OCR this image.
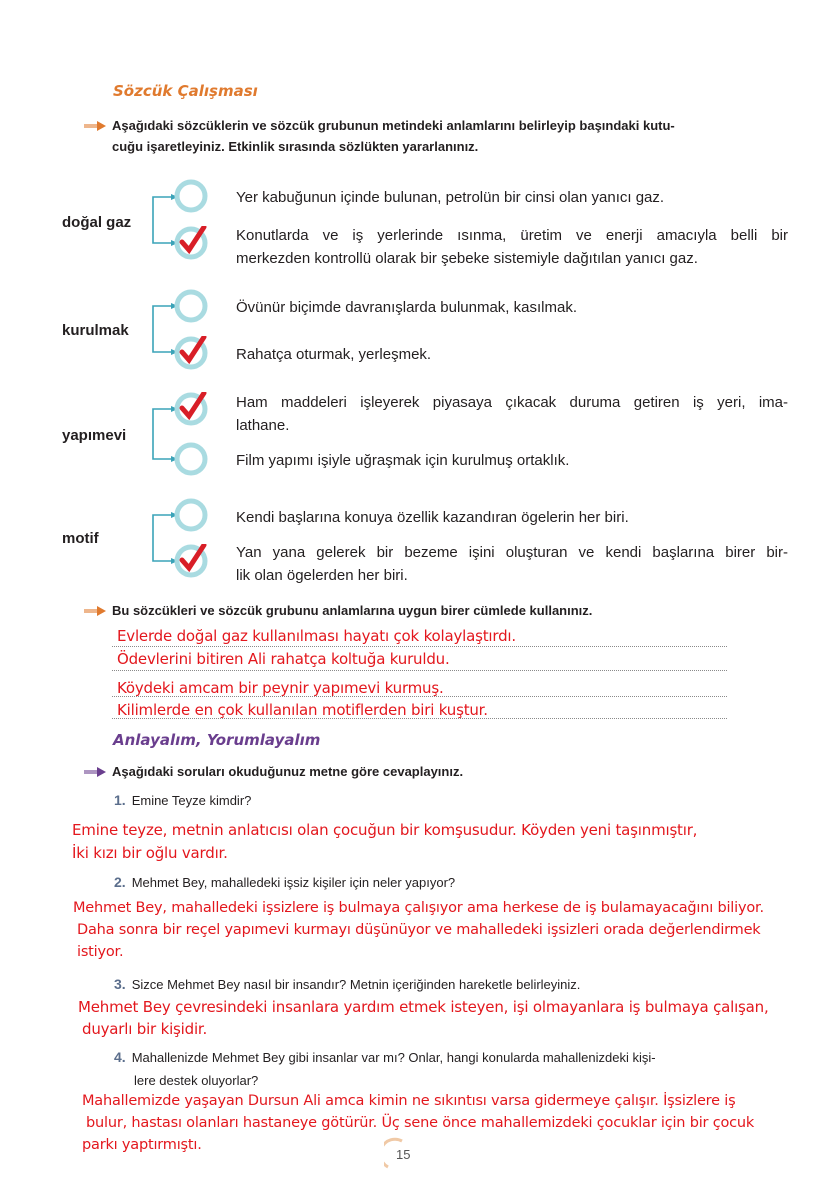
Sözcük Çalışması
Aşağıdaki sözcüklerin ve sözcük grubunun metindeki anlamlarını belirleyip başındaki kutu-
cuğu işaretleyiniz. Etkinlik sırasında sözlükten yararlanınız.
doğal gaz
Yer kabuğunun içinde bulunan, petrolün bir cinsi olan yanıcı gaz.
Konutlarda ve iş yerlerinde ısınma, üretim ve enerji amacıyla belli bir
merkezden kontrollü olarak bir şebeke sistemiyle dağıtılan yanıcı gaz.
kurulmak
Övünür biçimde davranışlarda bulunmak, kasılmak.
Rahatça oturmak, yerleşmek.
yapımevi
Ham maddeleri işleyerek piyasaya çıkacak duruma getiren iş yeri, ima-
lathane.
Film yapımı işiyle uğraşmak için kurulmuş ortaklık.
motif
Kendi başlarına konuya özellik kazandıran ögelerin her biri.
Yan yana gelerek bir bezeme işini oluşturan ve kendi başlarına birer bir-
lik olan ögelerden her biri.
Bu sözcükleri ve sözcük grubunu anlamlarına uygun birer cümlede kullanınız.
Evlerde doğal gaz kullanılması hayatı çok kolaylaştırdı.
Ödevlerini bitiren Ali rahatça koltuğa kuruldu.
Köydeki amcam bir peynir yapımevi kurmuş.
Kilimlerde en çok kullanılan motiflerden biri kuştur.
Anlayalım, Yorumlayalım
Aşağıdaki soruları okuduğunuz metne göre cevaplayınız.
1. Emine Teyze kimdir?
Emine teyze, metnin anlatıcısı olan çocuğun bir komşusudur. Köyden yeni taşınmıştır,
İki kızı bir oğlu vardır.
2. Mehmet Bey, mahalledeki işsiz kişiler için neler yapıyor?
Mehmet Bey, mahalledeki işsizlere iş bulmaya çalışıyor ama herkese de iş bulamayacağını biliyor.
Daha sonra bir reçel yapımevi kurmayı düşünüyor ve mahalledeki işsizleri orada değerlendirmek
istiyor.
3. Sizce Mehmet Bey nasıl bir insandır? Metnin içeriğinden hareketle belirleyiniz.
Mehmet Bey çevresindeki insanlara yardım etmek isteyen, işi olmayanlara iş bulmaya çalışan,
duyarlı bir kişidir.
4. Mahallenizde Mehmet Bey gibi insanlar var mı? Onlar, hangi konularda mahallenizdeki kişi-
lere destek oluyorlar?
Mahallemizde yaşayan Dursun Ali amca kimin ne sıkıntısı varsa gidermeye çalışır. İşsizlere iş
bulur, hastası olanları hastaneye götürür. Üç sene önce mahallemizdeki çocuklar için bir çocuk
parkı yaptırmıştı.
15
